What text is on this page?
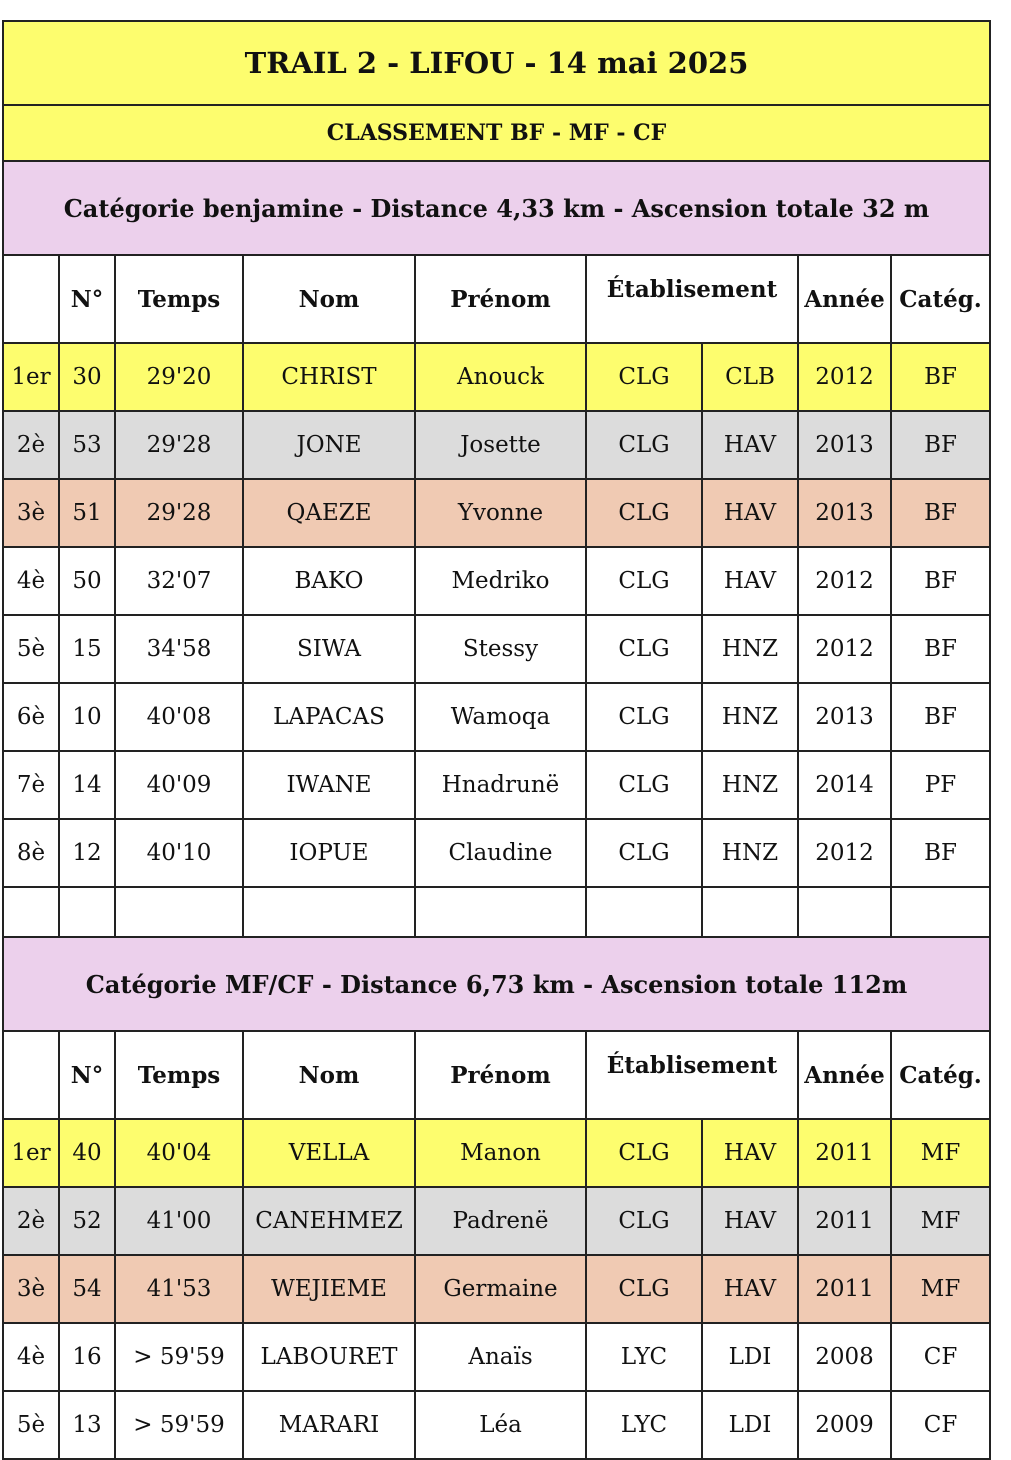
TRAIL 2 - LIFOU - 14 mai 2025								
CLASSEMENT BF - MF - CF								
Catégorie benjamine - Distance 4,33 km - Ascension totale 32 m								
	N°	Temps	Nom	Prénom	Établisement		Année	Catég.
1er	30	29'20	CHRIST	Anouck	CLG	CLB	2012	BF
2è	53	29'28	JONE	Josette	CLG	HAV	2013	BF
3è	51	29'28	QAEZE	Yvonne	CLG	HAV	2013	BF
4è	50	32'07	BAKO	Medriko	CLG	HAV	2012	BF
5è	15	34'58	SIWA	Stessy	CLG	HNZ	2012	BF
6è	10	40'08	LAPACAS	Wamoqa	CLG	HNZ	2013	BF
7è	14	40'09	IWANE	Hnadrunë	CLG	HNZ	2014	PF
8è	12	40'10	IOPUE	Claudine	CLG	HNZ	2012	BF

Catégorie MF/CF - Distance 6,73 km - Ascension totale 112m								
	N°	Temps	Nom	Prénom	Établisement		Année	Catég.
1er	40	40'04	VELLA	Manon	CLG	HAV	2011	MF
2è	52	41'00	CANEHMEZ	Padrenë	CLG	HAV	2011	MF
3è	54	41'53	WEJIEME	Germaine	CLG	HAV	2011	MF
4è	16	> 59'59	LABOURET	Anaïs	LYC	LDI	2008	CF
5è	13	> 59'59	MARARI	Léa	LYC	LDI	2009	CF
